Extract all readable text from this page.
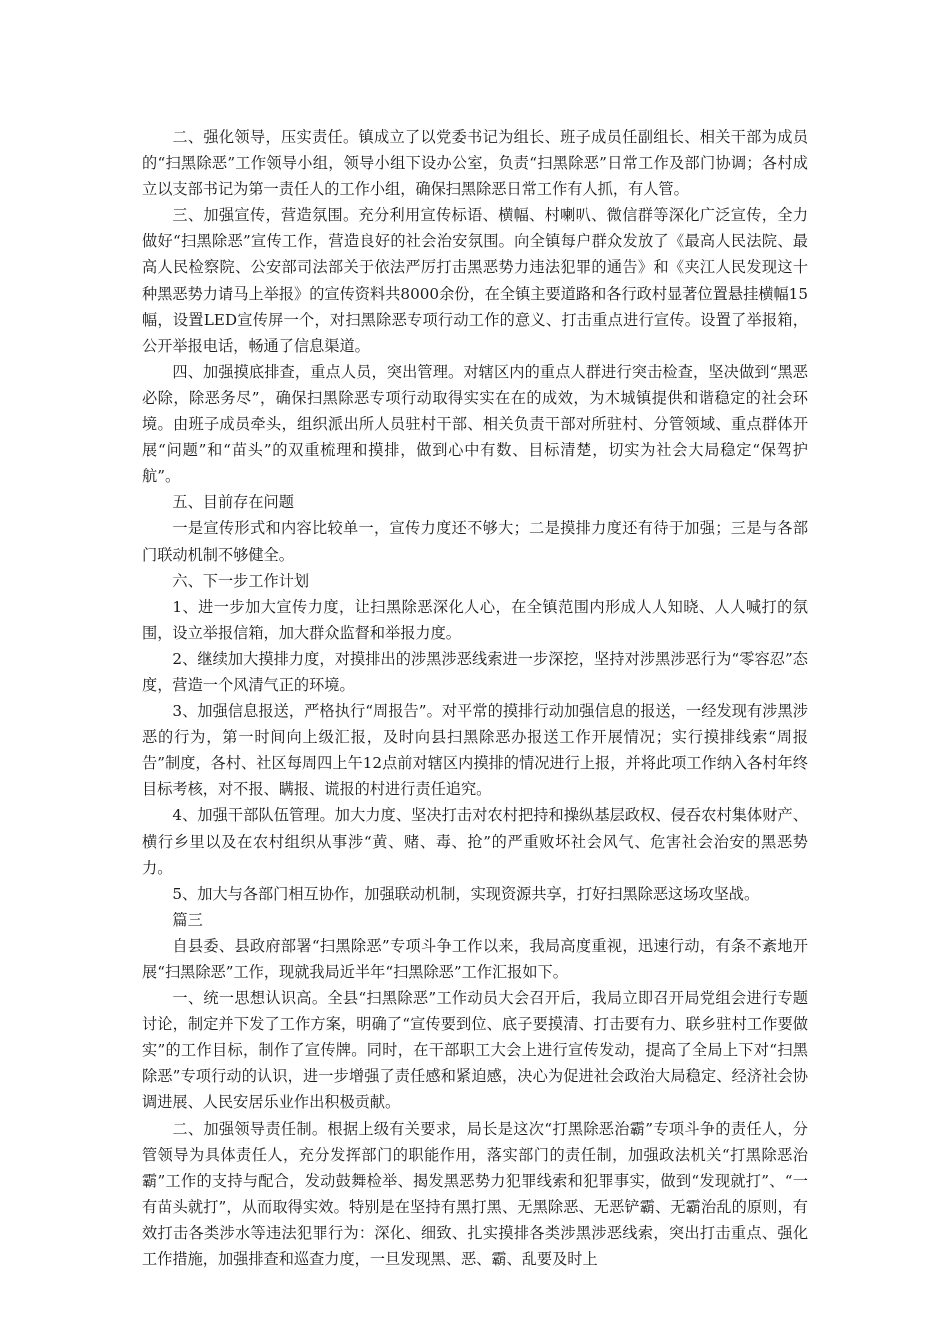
二、强化领导，压实责任。镇成立了以党委书记为组长、班子成员任副组长、相关干部为成员的“扫黑除恶”工作领导小组，领导小组下设办公室，负责“扫黑除恶”日常工作及部门协调；各村成立以支部书记为第一责任人的工作小组，确保扫黑除恶日常工作有人抓，有人管。

三、加强宣传，营造氛围。充分利用宣传标语、横幅、村喇叭、微信群等深化广泛宣传，全力做好“扫黑除恶”宣传工作，营造良好的社会治安氛围。向全镇每户群众发放了《最高人民法院、最高人民检察院、公安部司法部关于依法严厉打击黑恶势力违法犯罪的通告》和《夹江人民发现这十种黑恶势力请马上举报》的宣传资料共8000余份，在全镇主要道路和各行政村显著位置悬挂横幅15幅，设置LED宣传屏一个，对扫黑除恶专项行动工作的意义、打击重点进行宣传。设置了举报箱，公开举报电话，畅通了信息渠道。

四、加强摸底排查，重点人员，突出管理。对辖区内的重点人群进行突击检查，坚决做到“黑恶必除，除恶务尽”，确保扫黑除恶专项行动取得实实在在的成效，为木城镇提供和谐稳定的社会环境。由班子成员牵头，组织派出所人员驻村干部、相关负责干部对所驻村、分管领域、重点群体开展“问题”和“苗头”的双重梳理和摸排，做到心中有数、目标清楚，切实为社会大局稳定“保驾护航”。

五、目前存在问题

一是宣传形式和内容比较单一，宣传力度还不够大；二是摸排力度还有待于加强；三是与各部门联动机制不够健全。

六、下一步工作计划

1、进一步加大宣传力度，让扫黑除恶深化人心，在全镇范围内形成人人知晓、人人喊打的氛围，设立举报信箱，加大群众监督和举报力度。

2、继续加大摸排力度，对摸排出的涉黑涉恶线索进一步深挖，坚持对涉黑涉恶行为“零容忍”态度，营造一个风清气正的环境。

3、加强信息报送，严格执行“周报告”。对平常的摸排行动加强信息的报送，一经发现有涉黑涉恶的行为，第一时间向上级汇报，及时向县扫黑除恶办报送工作开展情况；实行摸排线索“周报告”制度，各村、社区每周四上午12点前对辖区内摸排的情况进行上报，并将此项工作纳入各村年终目标考核，对不报、瞒报、谎报的村进行责任追究。

4、加强干部队伍管理。加大力度、坚决打击对农村把持和操纵基层政权、侵吞农村集体财产、横行乡里以及在农村组织从事涉“黄、赌、毒、抢”的严重败坏社会风气、危害社会治安的黑恶势力。

5、加大与各部门相互协作，加强联动机制，实现资源共享，打好扫黑除恶这场攻坚战。

篇三

自县委、县政府部署“扫黑除恶”专项斗争工作以来，我局高度重视，迅速行动，有条不紊地开展“扫黑除恶”工作，现就我局近半年“扫黑除恶”工作汇报如下。

一、统一思想认识高。全县“扫黑除恶”工作动员大会召开后，我局立即召开局党组会进行专题讨论，制定并下发了工作方案，明确了“宣传要到位、底子要摸清、打击要有力、联乡驻村工作要做实”的工作目标，制作了宣传牌。同时，在干部职工大会上进行宣传发动，提高了全局上下对“扫黑除恶”专项行动的认识，进一步增强了责任感和紧迫感，决心为促进社会政治大局稳定、经济社会协调进展、人民安居乐业作出积极贡献。

二、加强领导责任制。根据上级有关要求，局长是这次“打黑除恶治霸”专项斗争的责任人，分管领导为具体责任人，充分发挥部门的职能作用，落实部门的责任制，加强政法机关“打黑除恶治霸”工作的支持与配合，发动鼓舞检举、揭发黑恶势力犯罪线索和犯罪事实，做到“发现就打”、“一有苗头就打”，从而取得实效。特别是在坚持有黑打黑、无黑除恶、无恶铲霸、无霸治乱的原则，有效打击各类涉水等违法犯罪行为：深化、细致、扎实摸排各类涉黑涉恶线索，突出打击重点、强化工作措施，加强排查和巡查力度，一旦发现黑、恶、霸、乱要及时上
